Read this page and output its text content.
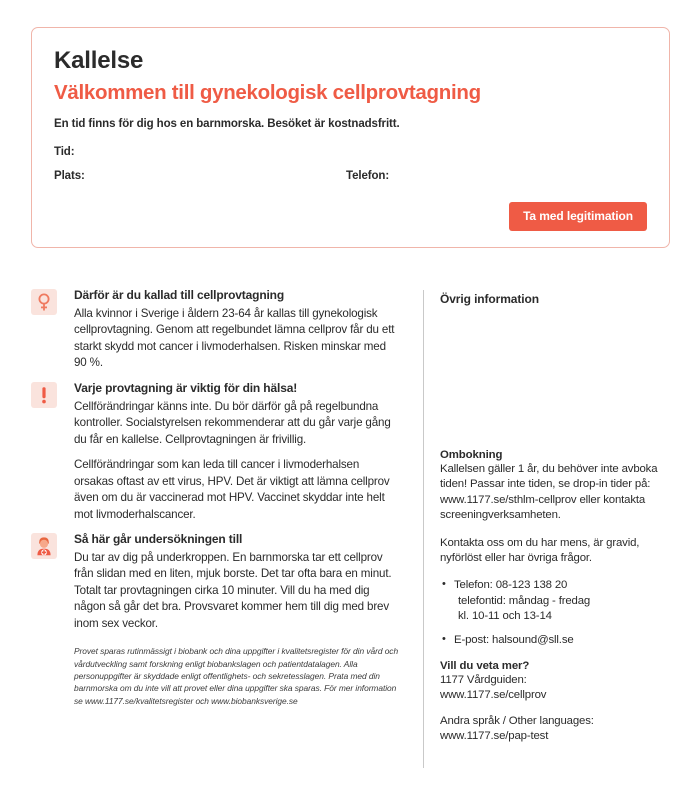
Kallelse
Välkommen till gynekologisk cellprovtagning

En tid finns för dig hos en barnmorska. Besöket är kostnadsfritt.

Tid:
Plats:	Telefon:
Ta med legitimation
Därför är du kallad till cellprovtagning

Alla kvinnor i Sverige i åldern 23-64 år kallas till gynekologisk cellprovtagning. Genom att regelbundet lämna cellprov får du ett starkt skydd mot cancer i livmoderhalsen. Risken minskar med 90 %.

Varje provtagning är viktig för din hälsa!

Cellförändringar känns inte. Du bör därför gå på regelbundna kontroller. Socialstyrelsen rekommenderar att du går varje gång du får en kallelse. Cellprovtagningen är frivillig.

Cellförändringar som kan leda till cancer i livmoderhalsen orsakas oftast av ett virus, HPV. Det är viktigt att lämna cellprov även om du är vaccinerad mot HPV. Vaccinet skyddar inte helt mot livmoderhalscancer.

Så här går undersökningen till

Du tar av dig på underkroppen. En barnmorska tar ett cellprov från slidan med en liten, mjuk borste. Det tar ofta bara en minut. Totalt tar provtagningen cirka 10 minuter. Vill du ha med dig någon så går det bra. Provsvaret kommer hem till dig med brev inom sex veckor.

Provet sparas rutinmässigt i biobank och dina uppgifter i kvalitetsregister för din vård och vårdutveckling samt forskning enligt biobankslagen och patientdatalagen. Alla personuppgifter är skyddade enligt offentlighets- och sekretesslagen. Prata med din barnmorska om du inte vill att provet eller dina uppgifter ska sparas. För mer information se www.1177.se/kvalitetsregister och www.biobanksverige.se

Övrig information
Ombokning

Kallelsen gäller 1 år, du behöver inte avboka tiden! Passar inte tiden, se drop-in tider på: www.1177.se/sthlm-cellprov eller kontakta screeningverksamheten.

Kontakta oss om du har mens, är gravid, nyförlöst eller har övriga frågor.

• Telefon: 08-123 138 20
telefontid: måndag - fredag
kl. 10-11 och 13-14
• E-post: halsound@sll.se
Vill du veta mer?

1177 Vårdguiden:
www.1177.se/cellprov

Andra språk / Other languages:
www.1177.se/pap-test
